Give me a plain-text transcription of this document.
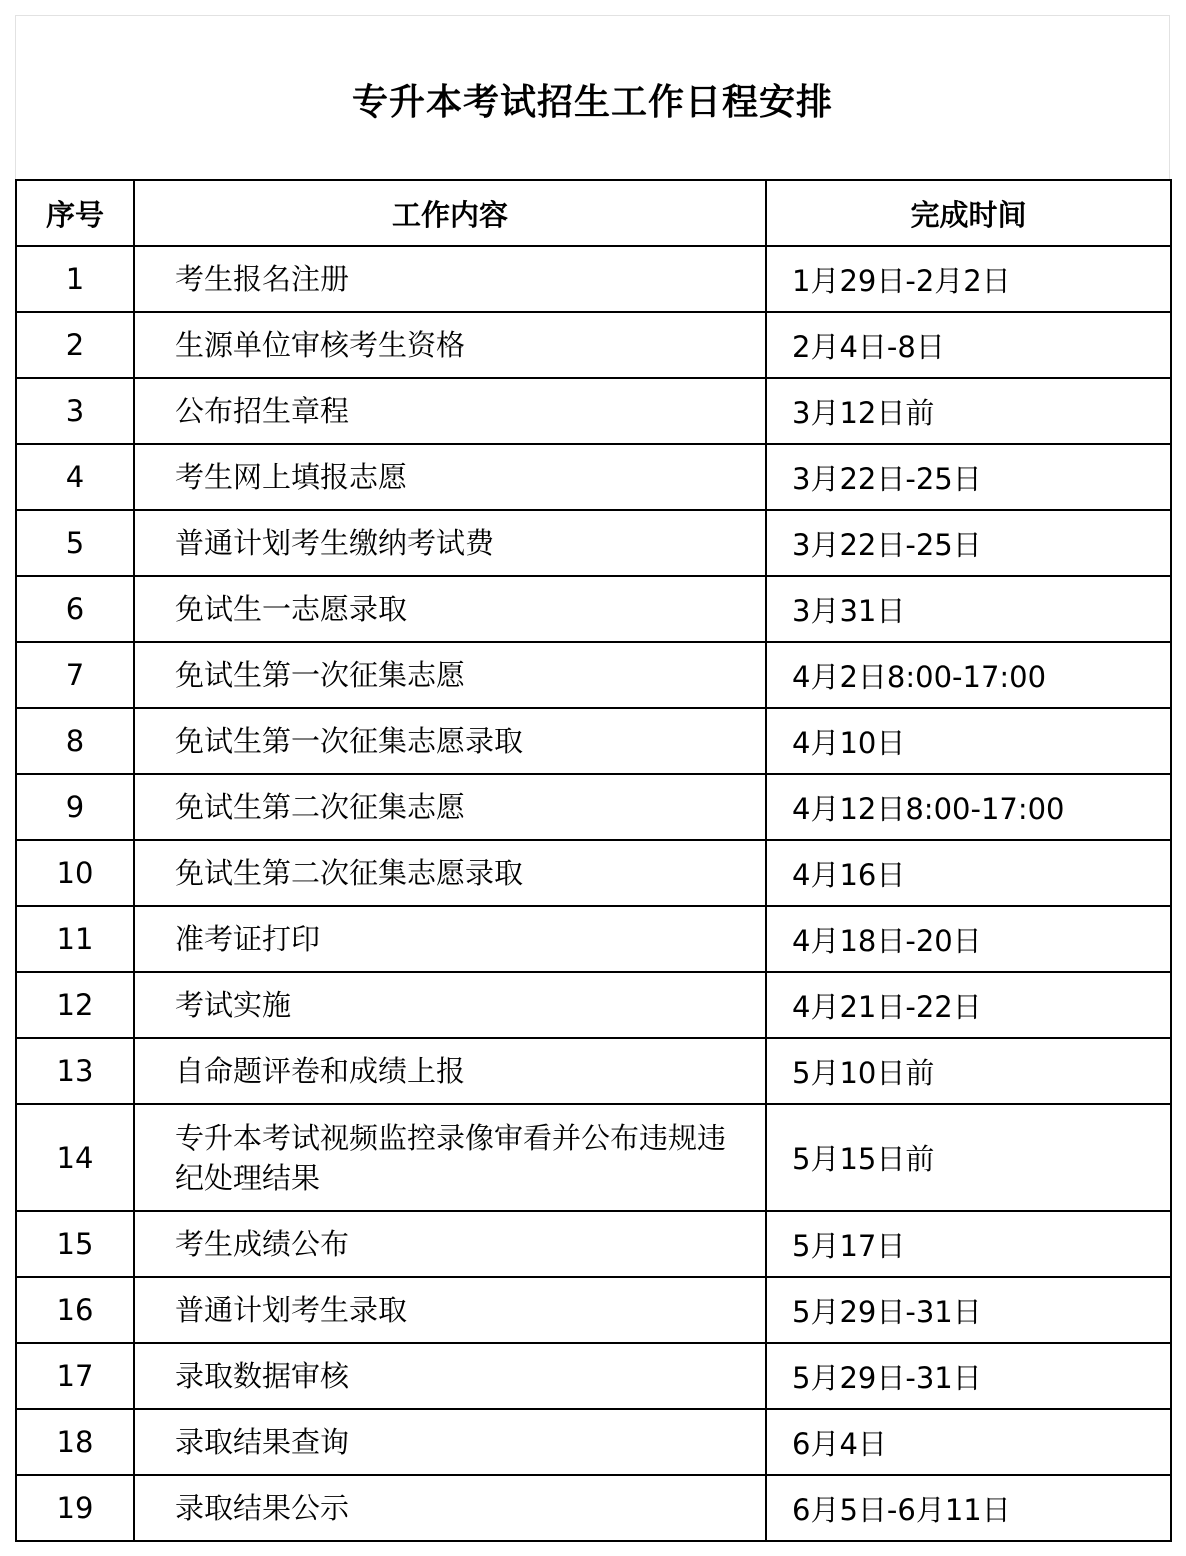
专升本考试招生工作日程安排
序号	工作内容	完成时间
1	考生报名注册	1月29日-2月2日
2	生源单位审核考生资格	2月4日-8日
3	公布招生章程	3月12日前
4	考生网上填报志愿	3月22日-25日
5	普通计划考生缴纳考试费	3月22日-25日
6	免试生一志愿录取	3月31日
7	免试生第一次征集志愿	4月2日8:00-17:00
8	免试生第一次征集志愿录取	4月10日
9	免试生第二次征集志愿	4月12日8:00-17:00
10	免试生第二次征集志愿录取	4月16日
11	准考证打印	4月18日-20日
12	考试实施	4月21日-22日
13	自命题评卷和成绩上报	5月10日前
14	专升本考试视频监控录像审看并公布违规违纪处理结果	5月15日前
15	考生成绩公布	5月17日
16	普通计划考生录取	5月29日-31日
17	录取数据审核	5月29日-31日
18	录取结果查询	6月4日
19	录取结果公示	6月5日-6月11日
